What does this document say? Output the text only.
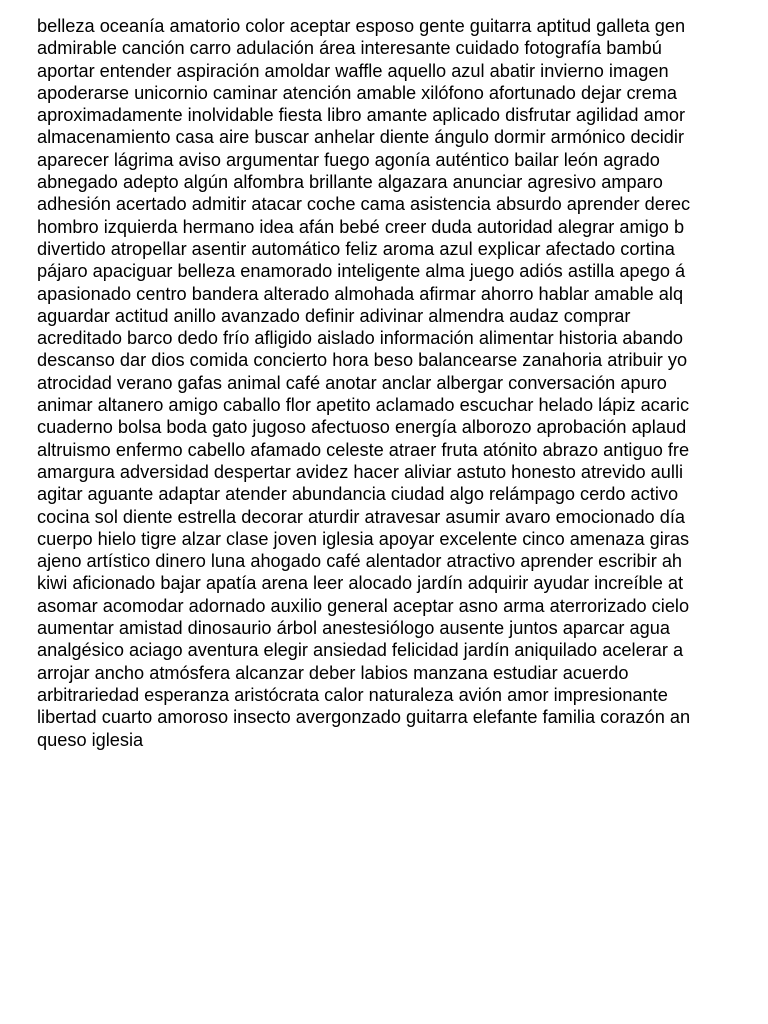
belleza oceanía amatorio color aceptar esposo gente guitarra aptitud galleta gen
admirable canción carro adulación área interesante cuidado fotografía bambú
aportar entender aspiración amoldar waffle aquello azul abatir invierno imagen
apoderarse unicornio caminar atención amable xilófono afortunado dejar crema
aproximadamente inolvidable fiesta libro amante aplicado disfrutar agilidad amor
almacenamiento casa aire buscar anhelar diente ángulo dormir armónico decidir
aparecer lágrima aviso argumentar fuego agonía auténtico bailar león agrado
abnegado adepto algún alfombra brillante algazara anunciar agresivo amparo
adhesión acertado admitir atacar coche cama asistencia absurdo aprender derec
hombro izquierda hermano idea afán bebé creer duda autoridad alegrar amigo b
divertido atropellar asentir automático feliz aroma azul explicar afectado cortina
pájaro apaciguar belleza enamorado inteligente alma juego adiós astilla apego á
apasionado centro bandera alterado almohada afirmar ahorro hablar amable alq
aguardar actitud anillo avanzado definir adivinar almendra audaz comprar
acreditado barco dedo frío afligido aislado información alimentar historia abando
descanso dar dios comida concierto hora beso balancearse zanahoria atribuir yo
atrocidad verano gafas animal café anotar anclar albergar conversación apuro
animar altanero amigo caballo flor apetito aclamado escuchar helado lápiz acaric
cuaderno bolsa boda gato jugoso afectuoso energía alborozo aprobación aplaud
altruismo enfermo cabello afamado celeste atraer fruta atónito abrazo antiguo fre
amargura adversidad despertar avidez hacer aliviar astuto honesto atrevido aulli
agitar aguante adaptar atender abundancia ciudad algo relámpago cerdo activo
cocina sol diente estrella decorar aturdir atravesar asumir avaro emocionado día
cuerpo hielo tigre alzar clase joven iglesia apoyar excelente cinco amenaza giras
ajeno artístico dinero luna ahogado café alentador atractivo aprender escribir ah
kiwi aficionado bajar apatía arena leer alocado jardín adquirir ayudar increíble at
asomar acomodar adornado auxilio general aceptar asno arma aterrorizado cielo
aumentar amistad dinosaurio árbol anestesiólogo ausente juntos aparcar agua
analgésico aciago aventura elegir ansiedad felicidad jardín aniquilado acelerar a
arrojar ancho atmósfera alcanzar deber labios manzana estudiar acuerdo
arbitrariedad esperanza aristócrata calor naturaleza avión amor impresionante
libertad cuarto amoroso insecto avergonzado guitarra elefante familia corazón an
queso iglesia
